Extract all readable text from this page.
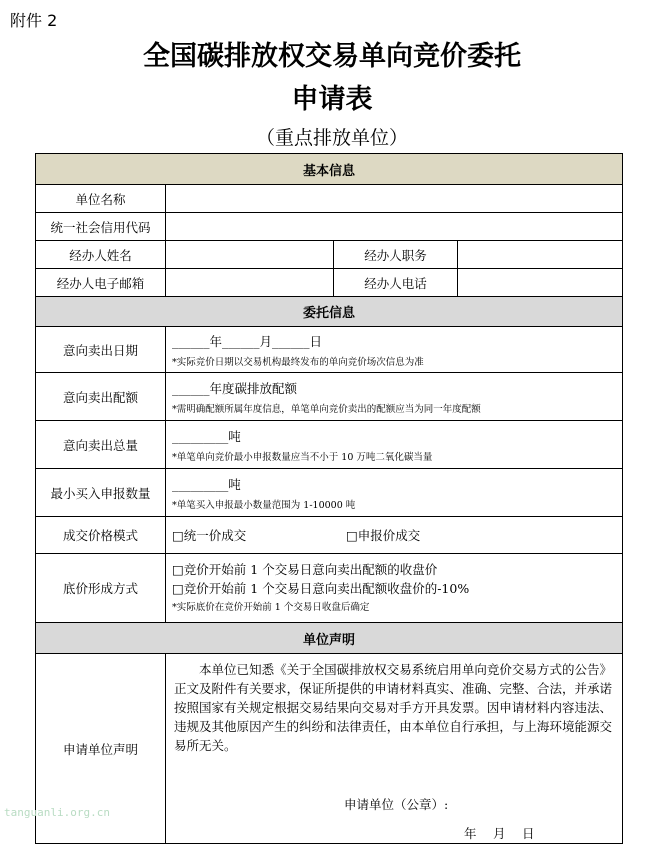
附件 2
全国碳排放权交易单向竞价委托
申请表
（重点排放单位）
基本信息			
单位名称			
统一社会信用代码			
经办人姓名		经办人职务	
经办人电子邮箱		经办人电话	
委托信息			
意向卖出日期	______年______月______日
*实际竞价日期以交易机构最终发布的单向竞价场次信息为准		

意向卖出配额	______年度碳排放配额
*需明确配额所属年度信息，单笔单向竞价卖出的配额应当为同一年度配额		

意向卖出总量	_________吨
*单笔单向竞价最小申报数量应当不小于 10 万吨二氧化碳当量		

最小买入申报数量	_________吨
*单笔买入申报最小数量范围为 1-10000 吨		

成交价格模式	□统一价成交 □申报价成交		
底价形成方式	□竞价开始前 1 个交易日意向卖出配额的收盘价
□竞价开始前 1 个交易日意向卖出配额收盘价的-10%
*实际底价在竞价开始前 1 个交易日收盘后确定		

单位声明			
申请单位声明	本单位已知悉《关于全国碳排放权交易系统启用单向竞价交易方式的公告》正文及附件有关要求，保证所提供的申请材料真实、准确、完整、合法，并承诺按照国家有关规定根据交易结果向交易对手方开具发票。因申请材料内容违法、违规及其他原因产生的纠纷和法律责任，由本单位自行承担，与上海环境能源交易所无关。

申请单位（公章）:
年　月　日		
tanguanli.org.cn
